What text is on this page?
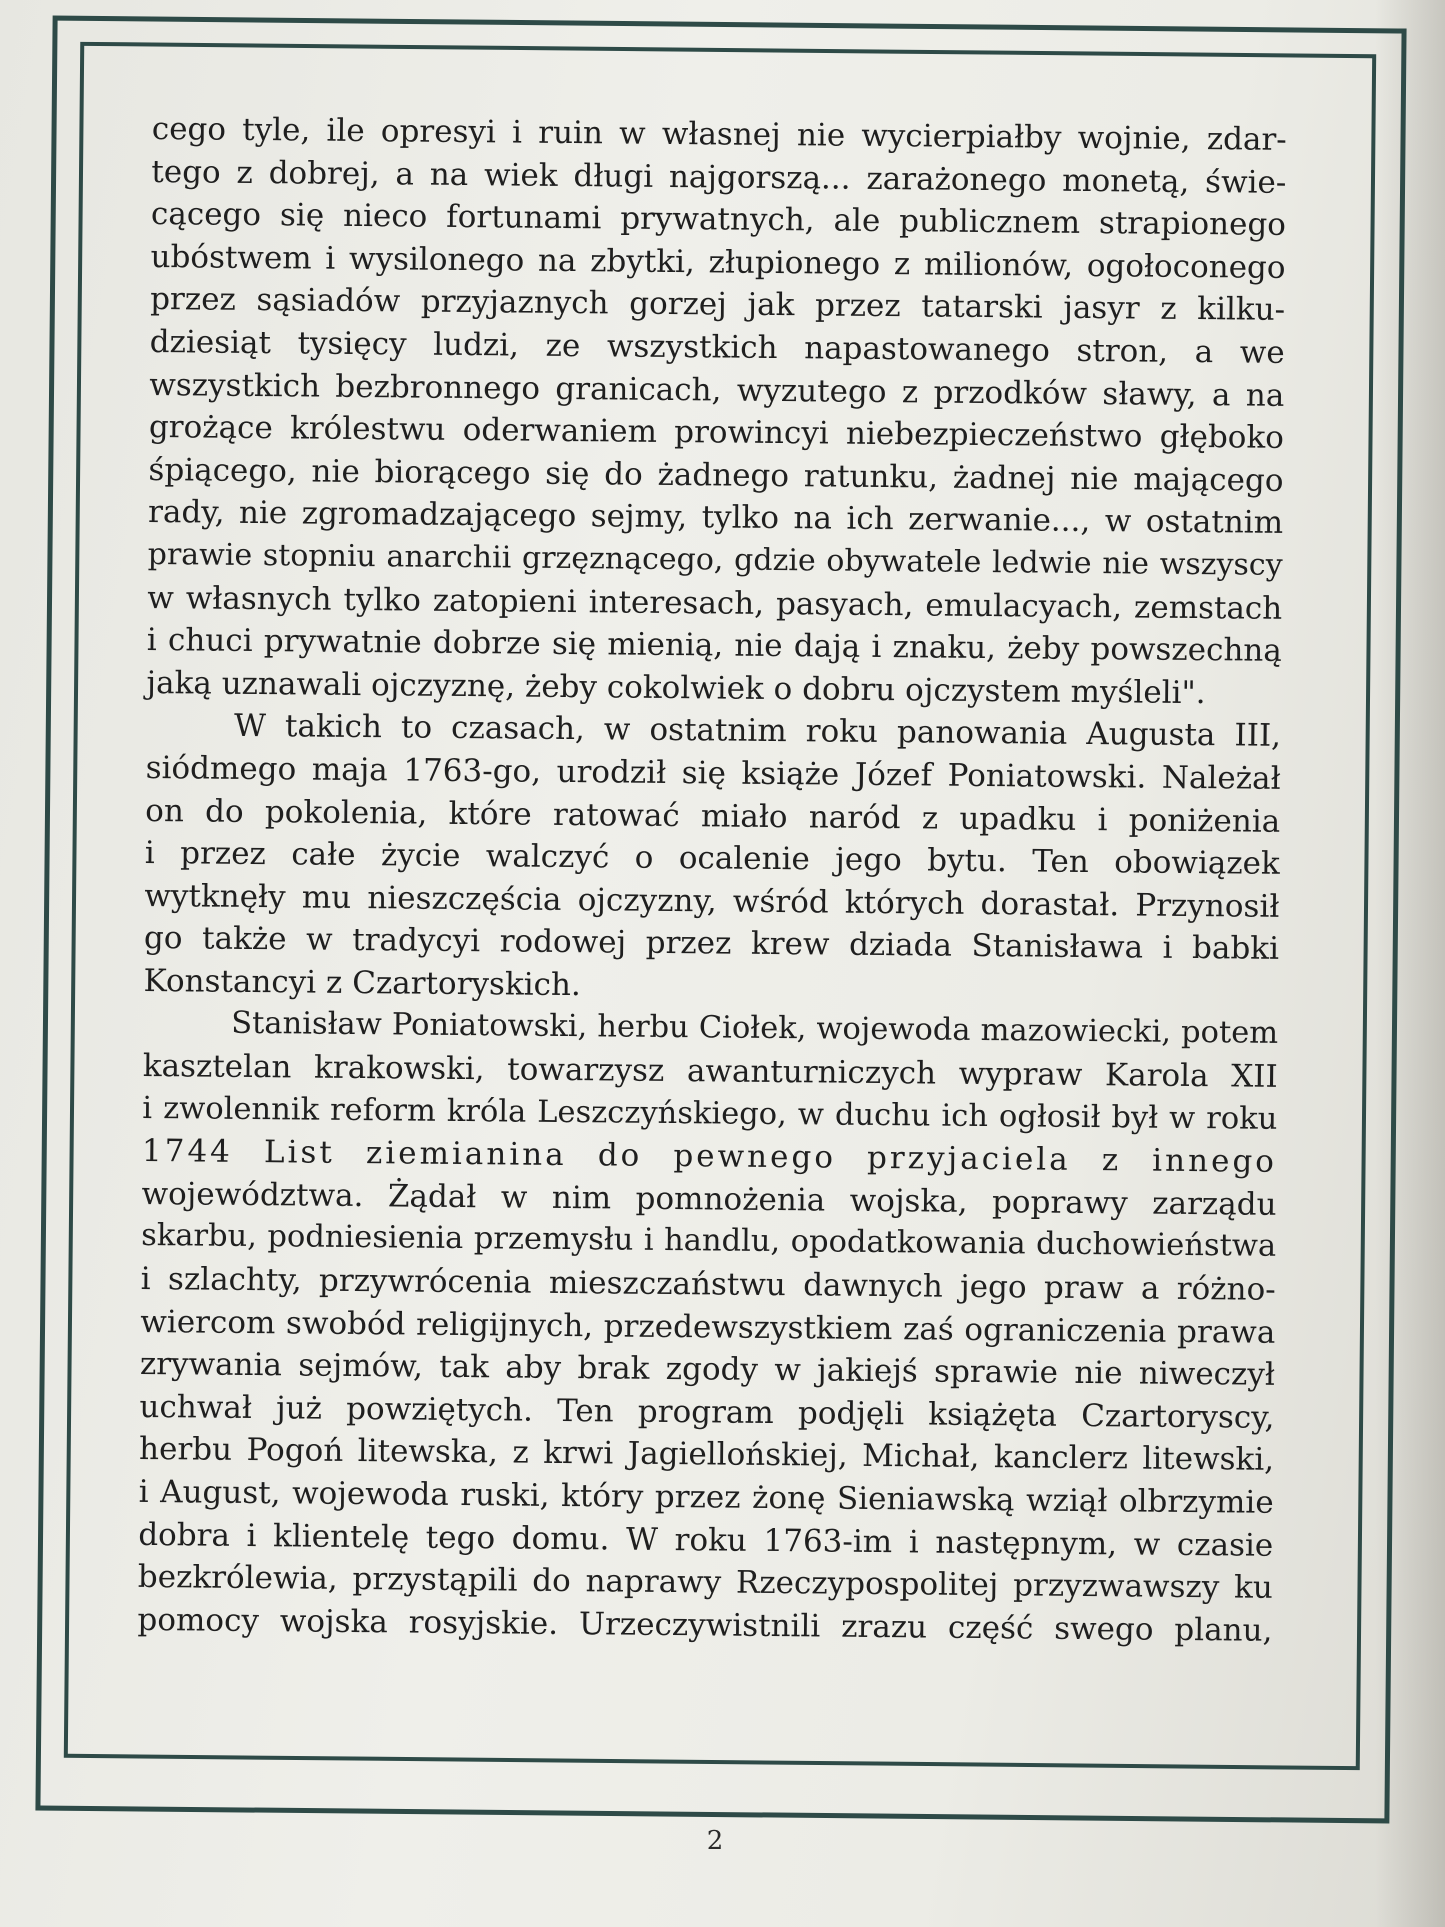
cego tyle, ile opresyi i ruin w własnej nie wycierpiałby wojnie, zdar-
tego z dobrej, a na wiek długi najgorszą... zarażonego monetą, świe-
cącego się nieco fortunami prywatnych, ale publicznem strapionego
ubóstwem i wysilonego na zbytki, złupionego z milionów, ogołoconego
przez sąsiadów przyjaznych gorzej jak przez tatarski jasyr z kilku-
dziesiąt tysięcy ludzi, ze wszystkich napastowanego stron, a we
wszystkich bezbronnego granicach, wyzutego z przodków sławy, a na
grożące królestwu oderwaniem prowincyi niebezpieczeństwo głęboko
śpiącego, nie biorącego się do żadnego ratunku, żadnej nie mającego
rady, nie zgromadzającego sejmy, tylko na ich zerwanie..., w ostatnim
prawie stopniu anarchii grzęznącego, gdzie obywatele ledwie nie wszyscy
w własnych tylko zatopieni interesach, pasyach, emulacyach, zemstach
i chuci prywatnie dobrze się mienią, nie dają i znaku, żeby powszechną
jaką uznawali ojczyznę, żeby cokolwiek o dobru ojczystem myśleli".
W takich to czasach, w ostatnim roku panowania Augusta III,
siódmego maja 1763-go, urodził się książe Józef Poniatowski. Należał
on do pokolenia, które ratować miało naród z upadku i poniżenia
i przez całe życie walczyć o ocalenie jego bytu. Ten obowiązek
wytknęły mu nieszczęścia ojczyzny, wśród których dorastał. Przynosił
go także w tradycyi rodowej przez krew dziada Stanisława i babki
Konstancyi z Czartoryskich.
Stanisław Poniatowski, herbu Ciołek, wojewoda mazowiecki, potem
kasztelan krakowski, towarzysz awanturniczych wypraw Karola XII
i zwolennik reform króla Leszczyńskiego, w duchu ich ogłosił był w roku
1744 List ziemianina do pewnego przyjaciela z innego
województwa. Żądał w nim pomnożenia wojska, poprawy zarządu
skarbu, podniesienia przemysłu i handlu, opodatkowania duchowieństwa
i szlachty, przywrócenia mieszczaństwu dawnych jego praw a różno-
wiercom swobód religijnych, przedewszystkiem zaś ograniczenia prawa
zrywania sejmów, tak aby brak zgody w jakiejś sprawie nie niweczył
uchwał już powziętych. Ten program podjęli książęta Czartoryscy,
herbu Pogoń litewska, z krwi Jagiellońskiej, Michał, kanclerz litewski,
i August, wojewoda ruski, który przez żonę Sieniawską wziął olbrzymie
dobra i klientelę tego domu. W roku 1763-im i następnym, w czasie
bezkrólewia, przystąpili do naprawy Rzeczypospolitej przyzwawszy ku
pomocy wojska rosyjskie. Urzeczywistnili zrazu część swego planu,
2
